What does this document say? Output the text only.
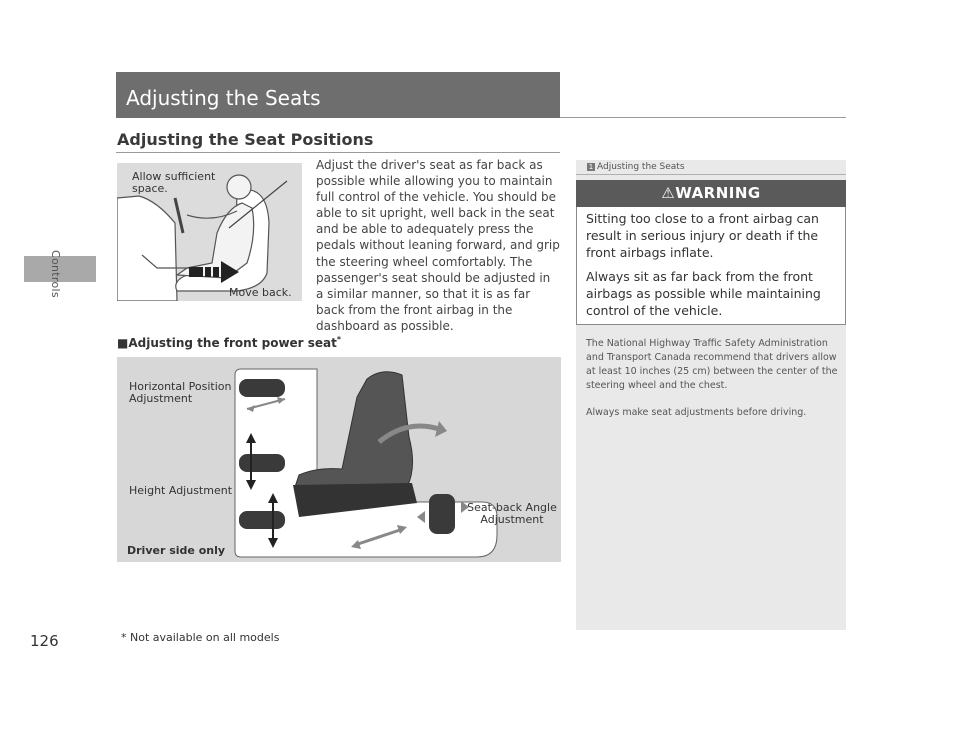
Controls
126	* Not available on all models
Adjusting the Seats
Adjusting the Seat Positions
Adjust the driver's seat as far back as possible while allowing you to maintain full control of the vehicle. You should be able to sit upright, well back in the seat and be able to adequately press the pedals without leaning forward, and grip the steering wheel comfortably. The passenger's seat should be adjusted in a similar manner, so that it is as far back from the front airbag in the dashboard as possible.
Allow sufficient space.
Move back.
■Adjusting the front power seat*
Horizontal Position Adjustment
Height Adjustment
Seat-back Angle Adjustment
Driver side only
1 Adjusting the Seats
⚠WARNING
Sitting too close to a front airbag can result in serious injury or death if the front airbags inflate.
Always sit as far back from the front airbags as possible while maintaining control of the vehicle.
The National Highway Traffic Safety Administration and Transport Canada recommend that drivers allow at least 10 inches (25 cm) between the center of the steering wheel and the chest.
Always make seat adjustments before driving.
